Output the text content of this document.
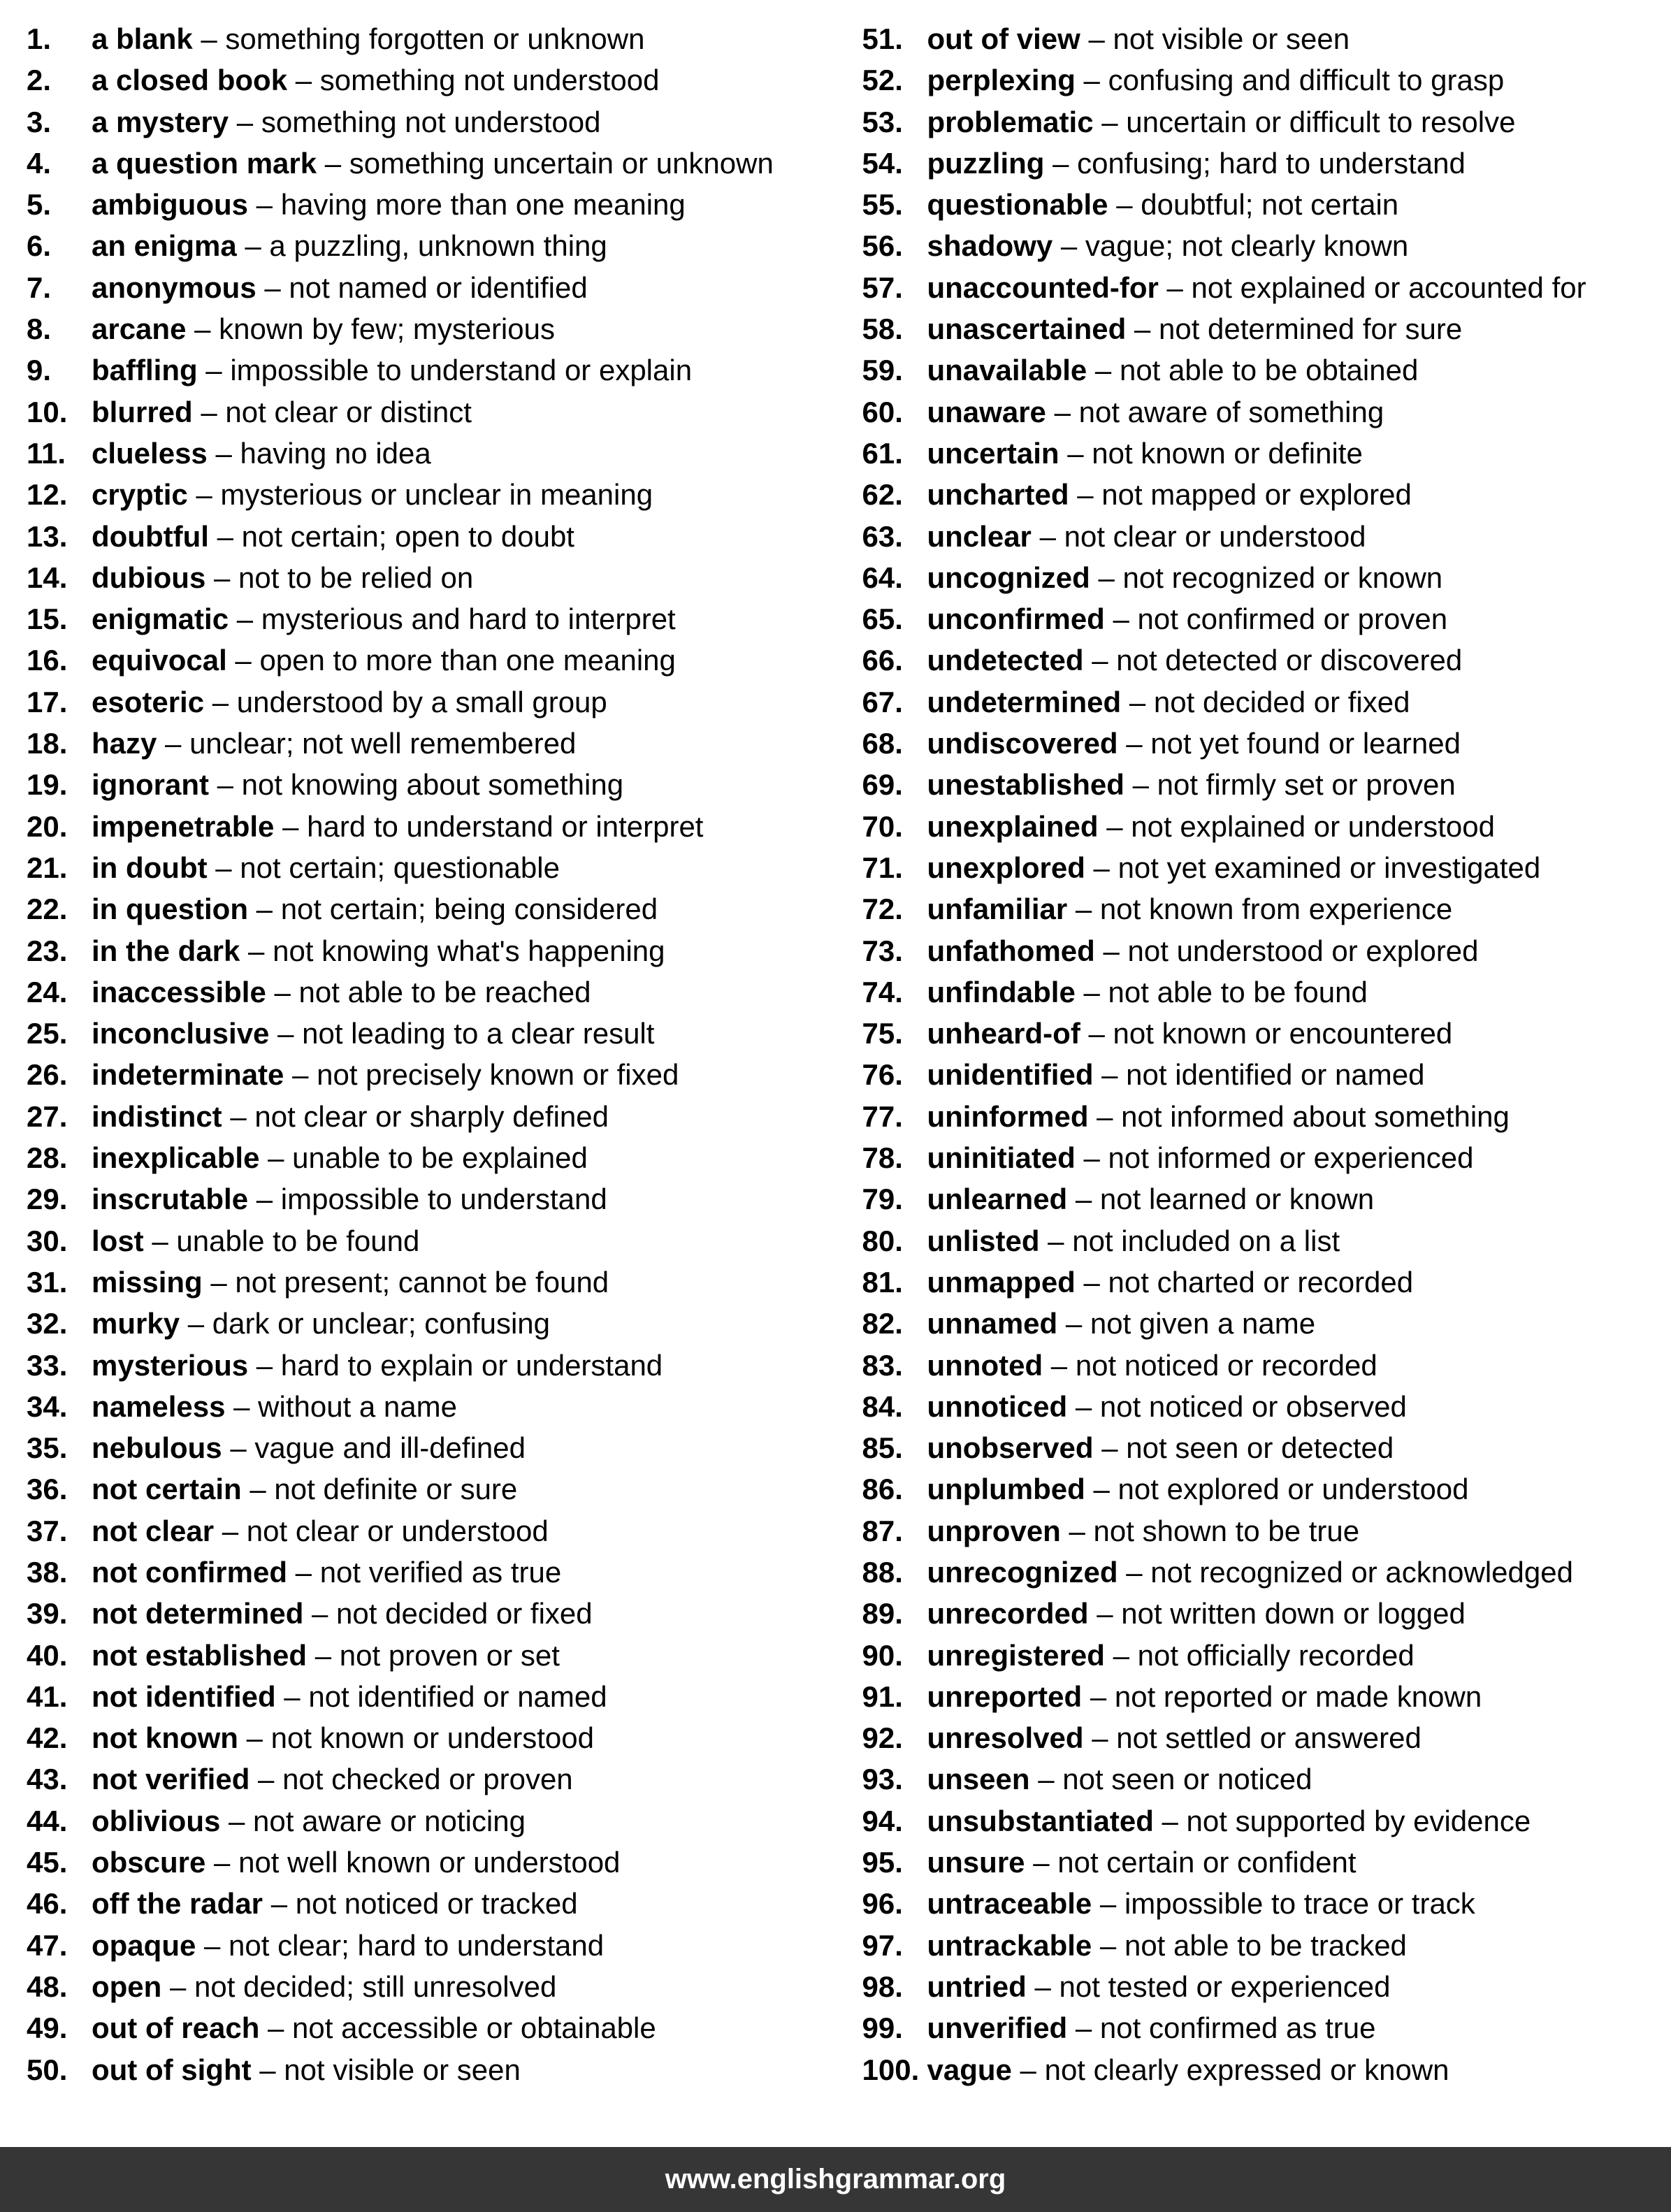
1. a blank – something forgotten or unknown

2. a closed book – something not understood

3. a mystery – something not understood

4. a question mark – something uncertain or unknown

5. ambiguous – having more than one meaning

6. an enigma – a puzzling, unknown thing

7. anonymous – not named or identified

8. arcane – known by few; mysterious

9. baffling – impossible to understand or explain

10. blurred – not clear or distinct

11. clueless – having no idea

12. cryptic – mysterious or unclear in meaning

13. doubtful – not certain; open to doubt

14. dubious – not to be relied on

15. enigmatic – mysterious and hard to interpret

16. equivocal – open to more than one meaning

17. esoteric – understood by a small group

18. hazy – unclear; not well remembered

19. ignorant – not knowing about something

20. impenetrable – hard to understand or interpret

21. in doubt – not certain; questionable

22. in question – not certain; being considered

23. in the dark – not knowing what's happening

24. inaccessible – not able to be reached

25. inconclusive – not leading to a clear result

26. indeterminate – not precisely known or fixed

27. indistinct – not clear or sharply defined

28. inexplicable – unable to be explained

29. inscrutable – impossible to understand

30. lost – unable to be found

31. missing – not present; cannot be found

32. murky – dark or unclear; confusing

33. mysterious – hard to explain or understand

34. nameless – without a name

35. nebulous – vague and ill-defined

36. not certain – not definite or sure

37. not clear – not clear or understood

38. not confirmed – not verified as true

39. not determined – not decided or fixed

40. not established – not proven or set

41. not identified – not identified or named

42. not known – not known or understood

43. not verified – not checked or proven

44. oblivious – not aware or noticing

45. obscure – not well known or understood

46. off the radar – not noticed or tracked

47. opaque – not clear; hard to understand

48. open – not decided; still unresolved

49. out of reach – not accessible or obtainable

50. out of sight – not visible or seen

51. out of view – not visible or seen

52. perplexing – confusing and difficult to grasp

53. problematic – uncertain or difficult to resolve

54. puzzling – confusing; hard to understand

55. questionable – doubtful; not certain

56. shadowy – vague; not clearly known

57. unaccounted-for – not explained or accounted for

58. unascertained – not determined for sure

59. unavailable – not able to be obtained

60. unaware – not aware of something

61. uncertain – not known or definite

62. uncharted – not mapped or explored

63. unclear – not clear or understood

64. uncognized – not recognized or known

65. unconfirmed – not confirmed or proven

66. undetected – not detected or discovered

67. undetermined – not decided or fixed

68. undiscovered – not yet found or learned

69. unestablished – not firmly set or proven

70. unexplained – not explained or understood

71. unexplored – not yet examined or investigated

72. unfamiliar – not known from experience

73. unfathomed – not understood or explored

74. unfindable – not able to be found

75. unheard-of – not known or encountered

76. unidentified – not identified or named

77. uninformed – not informed about something

78. uninitiated – not informed or experienced

79. unlearned – not learned or known

80. unlisted – not included on a list

81. unmapped – not charted or recorded

82. unnamed – not given a name

83. unnoted – not noticed or recorded

84. unnoticed – not noticed or observed

85. unobserved – not seen or detected

86. unplumbed – not explored or understood

87. unproven – not shown to be true

88. unrecognized – not recognized or acknowledged

89. unrecorded – not written down or logged

90. unregistered – not officially recorded

91. unreported – not reported or made known

92. unresolved – not settled or answered

93. unseen – not seen or noticed

94. unsubstantiated – not supported by evidence

95. unsure – not certain or confident

96. untraceable – impossible to trace or track

97. untrackable – not able to be tracked

98. untried – not tested or experienced

99. unverified – not confirmed as true

100. vague – not clearly expressed or known

www.englishgrammar.org
